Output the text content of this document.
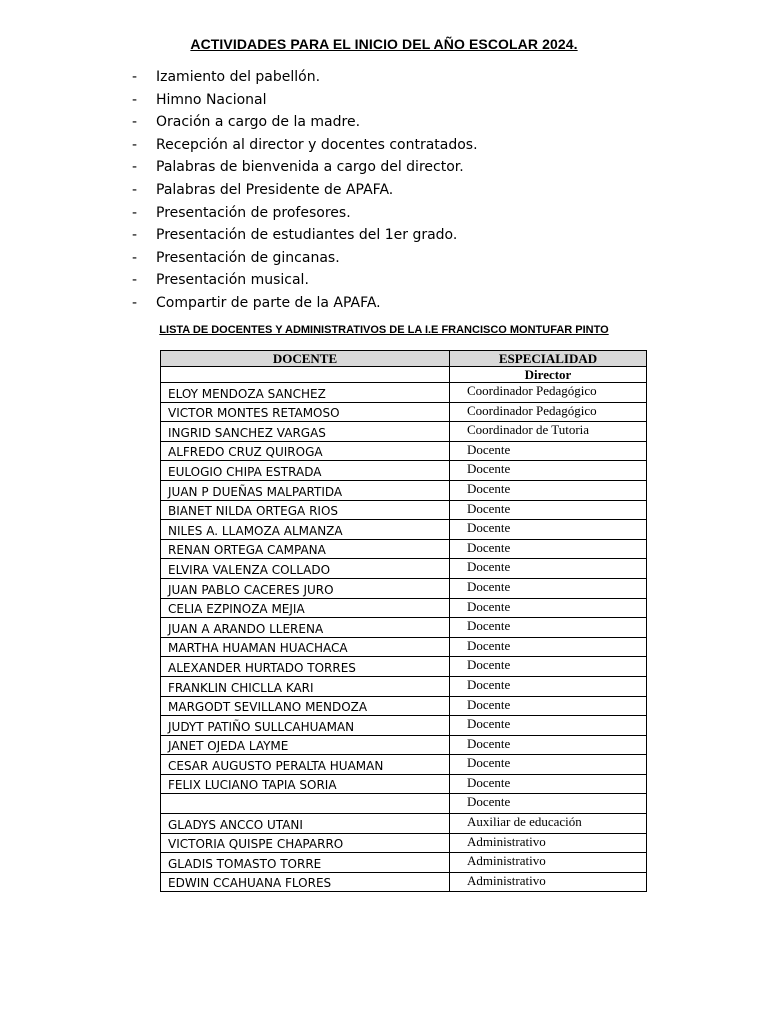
ACTIVIDADES PARA EL INICIO DEL AÑO ESCOLAR 2024.
- Izamiento del pabellón.
- Himno Nacional
- Oración a cargo de la madre.
- Recepción al director y docentes contratados.
- Palabras de bienvenida a cargo del director.
- Palabras del Presidente de APAFA.
- Presentación de profesores.
- Presentación de estudiantes del 1er grado.
- Presentación de gincanas.
- Presentación musical.
- Compartir de parte de la APAFA.
LISTA DE DOCENTES Y ADMINISTRATIVOS DE LA I.E FRANCISCO MONTUFAR PINTO
DOCENTE	ESPECIALIDAD
	Director
ELOY MENDOZA SANCHEZ	Coordinador Pedagógico
VICTOR MONTES RETAMOSO	Coordinador Pedagógico
INGRID SANCHEZ VARGAS	Coordinador de Tutoria
ALFREDO CRUZ QUIROGA	Docente
EULOGIO CHIPA ESTRADA	Docente
JUAN P DUEÑAS MALPARTIDA	Docente
BIANET NILDA ORTEGA RIOS	Docente
NILES A. LLAMOZA ALMANZA	Docente
RENAN ORTEGA CAMPANA	Docente
ELVIRA VALENZA COLLADO	Docente
JUAN PABLO CACERES JURO	Docente
CELIA EZPINOZA MEJIA	Docente
JUAN A ARANDO LLERENA	Docente
MARTHA HUAMAN HUACHACA	Docente
ALEXANDER HURTADO TORRES	Docente
FRANKLIN CHICLLA KARI	Docente
MARGODT SEVILLANO MENDOZA	Docente
JUDYT PATIÑO SULLCAHUAMAN	Docente
JANET OJEDA LAYME	Docente
CESAR AUGUSTO PERALTA HUAMAN	Docente
FELIX LUCIANO TAPIA SORIA	Docente
	Docente
GLADYS ANCCO UTANI	Auxiliar de educación
VICTORIA QUISPE CHAPARRO	Administrativo
GLADIS TOMASTO TORRE	Administrativo
EDWIN CCAHUANA FLORES	Administrativo
